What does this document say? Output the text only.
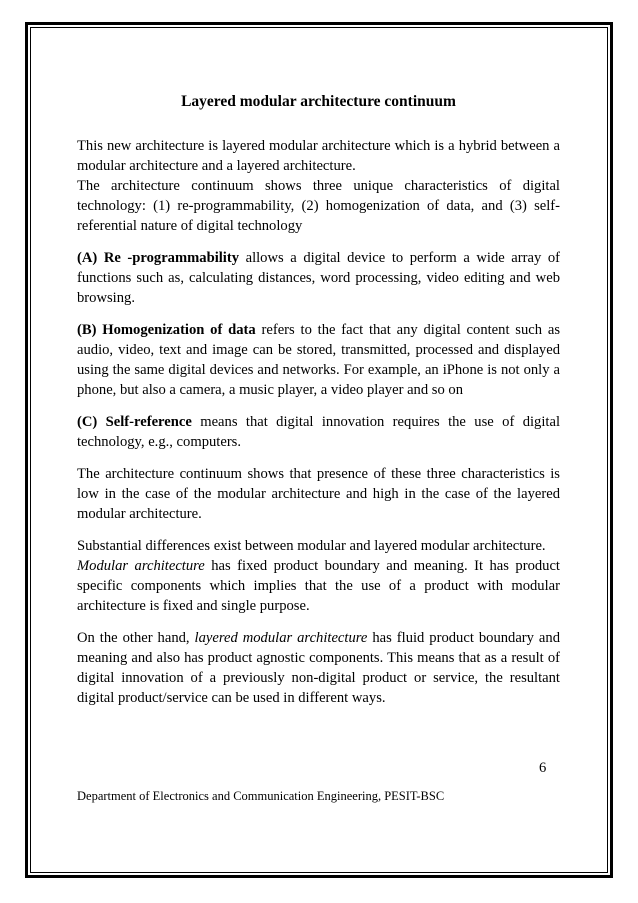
Layered modular architecture continuum

This new architecture is layered modular architecture which is a hybrid between a modular architecture and a layered architecture.

The architecture continuum shows three unique characteristics of digital technology: (1) re-programmability, (2) homogenization of data, and (3) self-referential nature of digital technology

(A) Re -programmability allows a digital device to perform a wide array of functions such as, calculating distances, word processing, video editing and web browsing.

(B) Homogenization of data refers to the fact that any digital content such as audio, video, text and image can be stored, transmitted, processed and displayed using the same digital devices and networks. For example, an iPhone is not only a phone, but also a camera, a music player, a video player and so on

(C) Self-reference means that digital innovation requires the use of digital technology, e.g., computers.

The architecture continuum shows that presence of these three characteristics is low in the case of the modular architecture and high in the case of the layered modular architecture.

Substantial differences exist between modular and layered modular architecture.

Modular architecture has fixed product boundary and meaning. It has product specific components which implies that the use of a product with modular architecture is fixed and single purpose.

On the other hand, layered modular architecture has fluid product boundary and meaning and also has product agnostic components. This means that as a result of digital innovation of a previously non-digital product or service, the resultant digital product/service can be used in different ways.

6
Department of Electronics and Communication Engineering, PESIT-BSC
